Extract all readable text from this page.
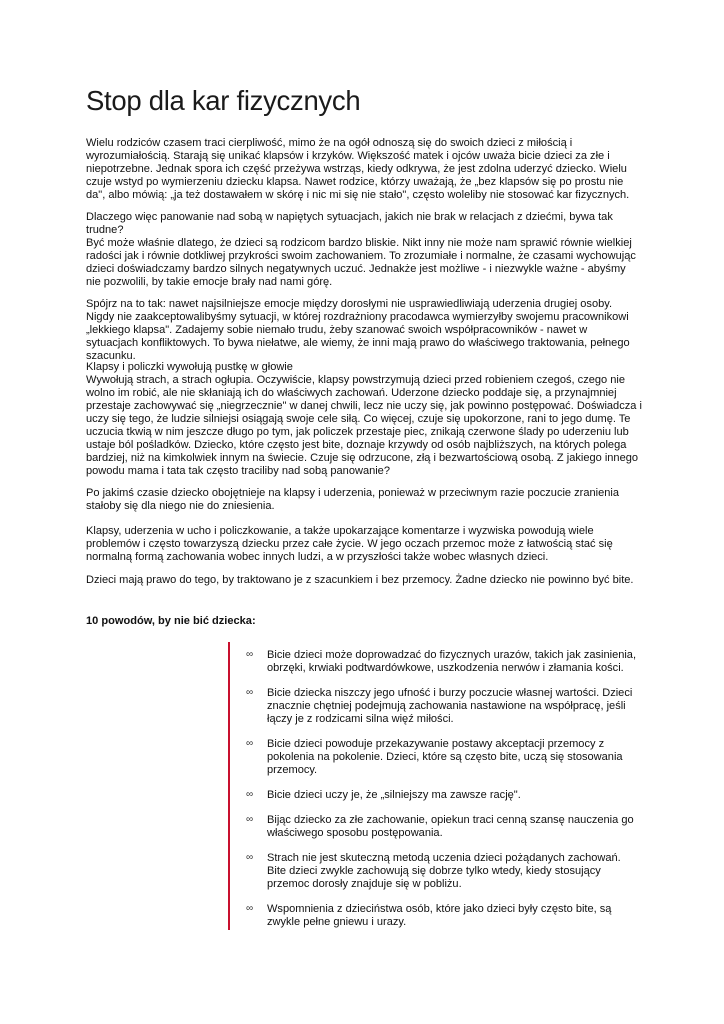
Stop dla kar fizycznych

Wielu rodziców czasem traci cierpliwość, mimo że na ogół odnoszą się do swoich dzieci z miłością i wyrozumiałością. Starają się unikać klapsów i krzyków. Większość matek i ojców uważa bicie dzieci za złe i niepotrzebne. Jednak spora ich część przeżywa wstrząs, kiedy odkrywa, że jest zdolna uderzyć dziecko. Wielu czuje wstyd po wymierzeniu dziecku klapsa. Nawet rodzice, którzy uważają, że „bez klapsów się po prostu nie da", albo mówią: „ja też dostawałem w skórę i nic mi się nie stało", często woleliby nie stosować kar fizycznych.

Dlaczego więc panowanie nad sobą w napiętych sytuacjach, jakich nie brak w relacjach z dziećmi, bywa tak trudne?
Być może właśnie dlatego, że dzieci są rodzicom bardzo bliskie. Nikt inny nie może nam sprawić równie wielkiej radości jak i równie dotkliwej przykrości swoim zachowaniem. To zrozumiałe i normalne, że czasami wychowując dzieci doświadczamy bardzo silnych negatywnych uczuć. Jednakże jest możliwe - i niezwykle ważne - abyśmy nie pozwolili, by takie emocje brały nad nami górę.

Spójrz na to tak: nawet najsilniejsze emocje między dorosłymi nie usprawiedliwiają uderzenia drugiej osoby. Nigdy nie zaakceptowalibyśmy sytuacji, w której rozdrażniony pracodawca wymierzyłby swojemu pracownikowi „lekkiego klapsa". Zadajemy sobie niemało trudu, żeby szanować swoich współpracowników - nawet w sytuacjach konfliktowych. To bywa niełatwe, ale wiemy, że inni mają prawo do właściwego traktowania, pełnego szacunku.

Klapsy i policzki wywołują pustkę w głowie
Wywołują strach, a strach ogłupia. Oczywiście, klapsy powstrzymują dzieci przed robieniem czegoś, czego nie wolno im robić, ale nie skłaniają ich do właściwych zachowań. Uderzone dziecko poddaje się, a przynajmniej przestaje zachowywać się „niegrzecznie" w danej chwili, lecz nie uczy się, jak powinno postępować. Doświadcza i uczy się tego, że ludzie silniejsi osiągają swoje cele siłą. Co więcej, czuje się upokorzone, rani to jego dumę. Te uczucia tkwią w nim jeszcze długo po tym, jak policzek przestaje piec, znikają czerwone ślady po uderzeniu lub ustaje ból pośladków. Dziecko, które często jest bite, doznaje krzywdy od osób najbliższych, na których polega bardziej, niż na kimkolwiek innym na świecie. Czuje się odrzucone, złą i bezwartościową osobą. Z jakiego innego powodu mama i tata tak często traciliby nad sobą panowanie?

Po jakimś czasie dziecko obojętnieje na klapsy i uderzenia, ponieważ w przeciwnym razie poczucie zranienia stałoby się dla niego nie do zniesienia.

Klapsy, uderzenia w ucho i policzkowanie, a także upokarzające komentarze i wyzwiska powodują wiele problemów i często towarzyszą dziecku przez całe życie. W jego oczach przemoc może z łatwością stać się normalną formą zachowania wobec innych ludzi, a w przyszłości także wobec własnych dzieci.

Dzieci mają prawo do tego, by traktowano je z szacunkiem i bez przemocy. Żadne dziecko nie powinno być bite.

10 powodów, by nie bić dziecka:

∞	Bicie dzieci może doprowadzać do fizycznych urazów, takich jak zasinienia, obrzęki, krwiaki podtwardówkowe, uszkodzenia nerwów i złamania kości.
∞	Bicie dziecka niszczy jego ufność i burzy poczucie własnej wartości. Dzieci znacznie chętniej podejmują zachowania nastawione na współpracę, jeśli łączy je z rodzicami silna więź miłości.
∞	Bicie dzieci powoduje przekazywanie postawy akceptacji przemocy z pokolenia na pokolenie. Dzieci, które są często bite, uczą się stosowania przemocy.
∞	Bicie dzieci uczy je, że „silniejszy ma zawsze rację".
∞	Bijąc dziecko za złe zachowanie, opiekun traci cenną szansę nauczenia go właściwego sposobu postępowania.
∞	Strach nie jest skuteczną metodą uczenia dzieci pożądanych zachowań. Bite dzieci zwykle zachowują się dobrze tylko wtedy, kiedy stosujący przemoc dorosły znajduje się w pobliżu.
∞	Wspomnienia z dzieciństwa osób, które jako dzieci były często bite, są zwykle pełne gniewu i urazy.
